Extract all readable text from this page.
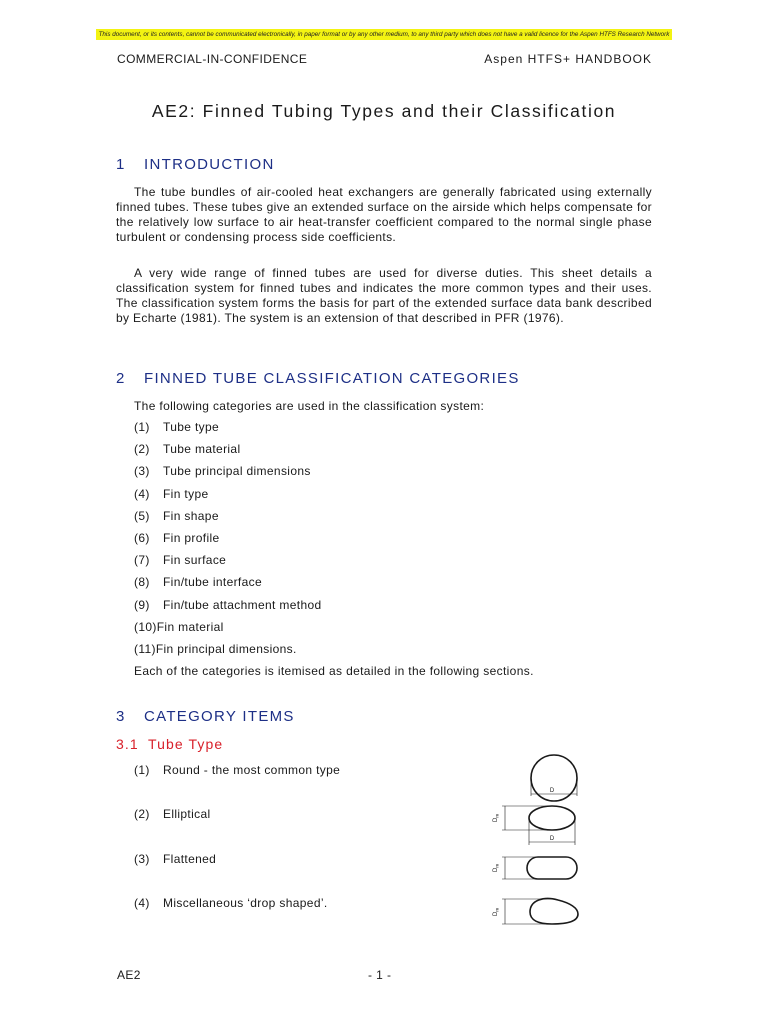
This document, or its contents, cannot be communicated electronically, in paper format or by any other medium, to any third party which does not have a valid licence for the Aspen HTFS Research Network
COMMERCIAL-IN-CONFIDENCE	Aspen HTFS+ HANDBOOK
AE2: Finned Tubing Types and their Classification
1 INTRODUCTION

The tube bundles of air-cooled heat exchangers are generally fabricated using externally finned tubes. These tubes give an extended surface on the airside which helps compensate for the relatively low surface to air heat-transfer coefficient compared to the normal single phase turbulent or condensing process side coefficients.

A very wide range of finned tubes are used for diverse duties. This sheet details a classification system for finned tubes and indicates the more common types and their uses. The classification system forms the basis for part of the extended surface data bank described by Echarte (1981). The system is an extension of that described in PFR (1976).

2 FINNED TUBE CLASSIFICATION CATEGORIES
The following categories are used in the classification system:
(1) Tube type
(2) Tube material
(3) Tube principal dimensions
(4) Fin type
(5) Fin shape
(6) Fin profile
(7) Fin surface
(8) Fin/tube interface
(9) Fin/tube attachment method
(10)Fin material
(11)Fin principal dimensions.
Each of the categories is itemised as detailed in the following sections.
3 CATEGORY ITEMS
3.1 Tube Type
(1) Round - the most common type
(2) Elliptical
(3) Flattened
(4) Miscellaneous ‘drop shaped’.
D
D
$D_m$
$D_m$
$D_m$
AE2	- 1 -
